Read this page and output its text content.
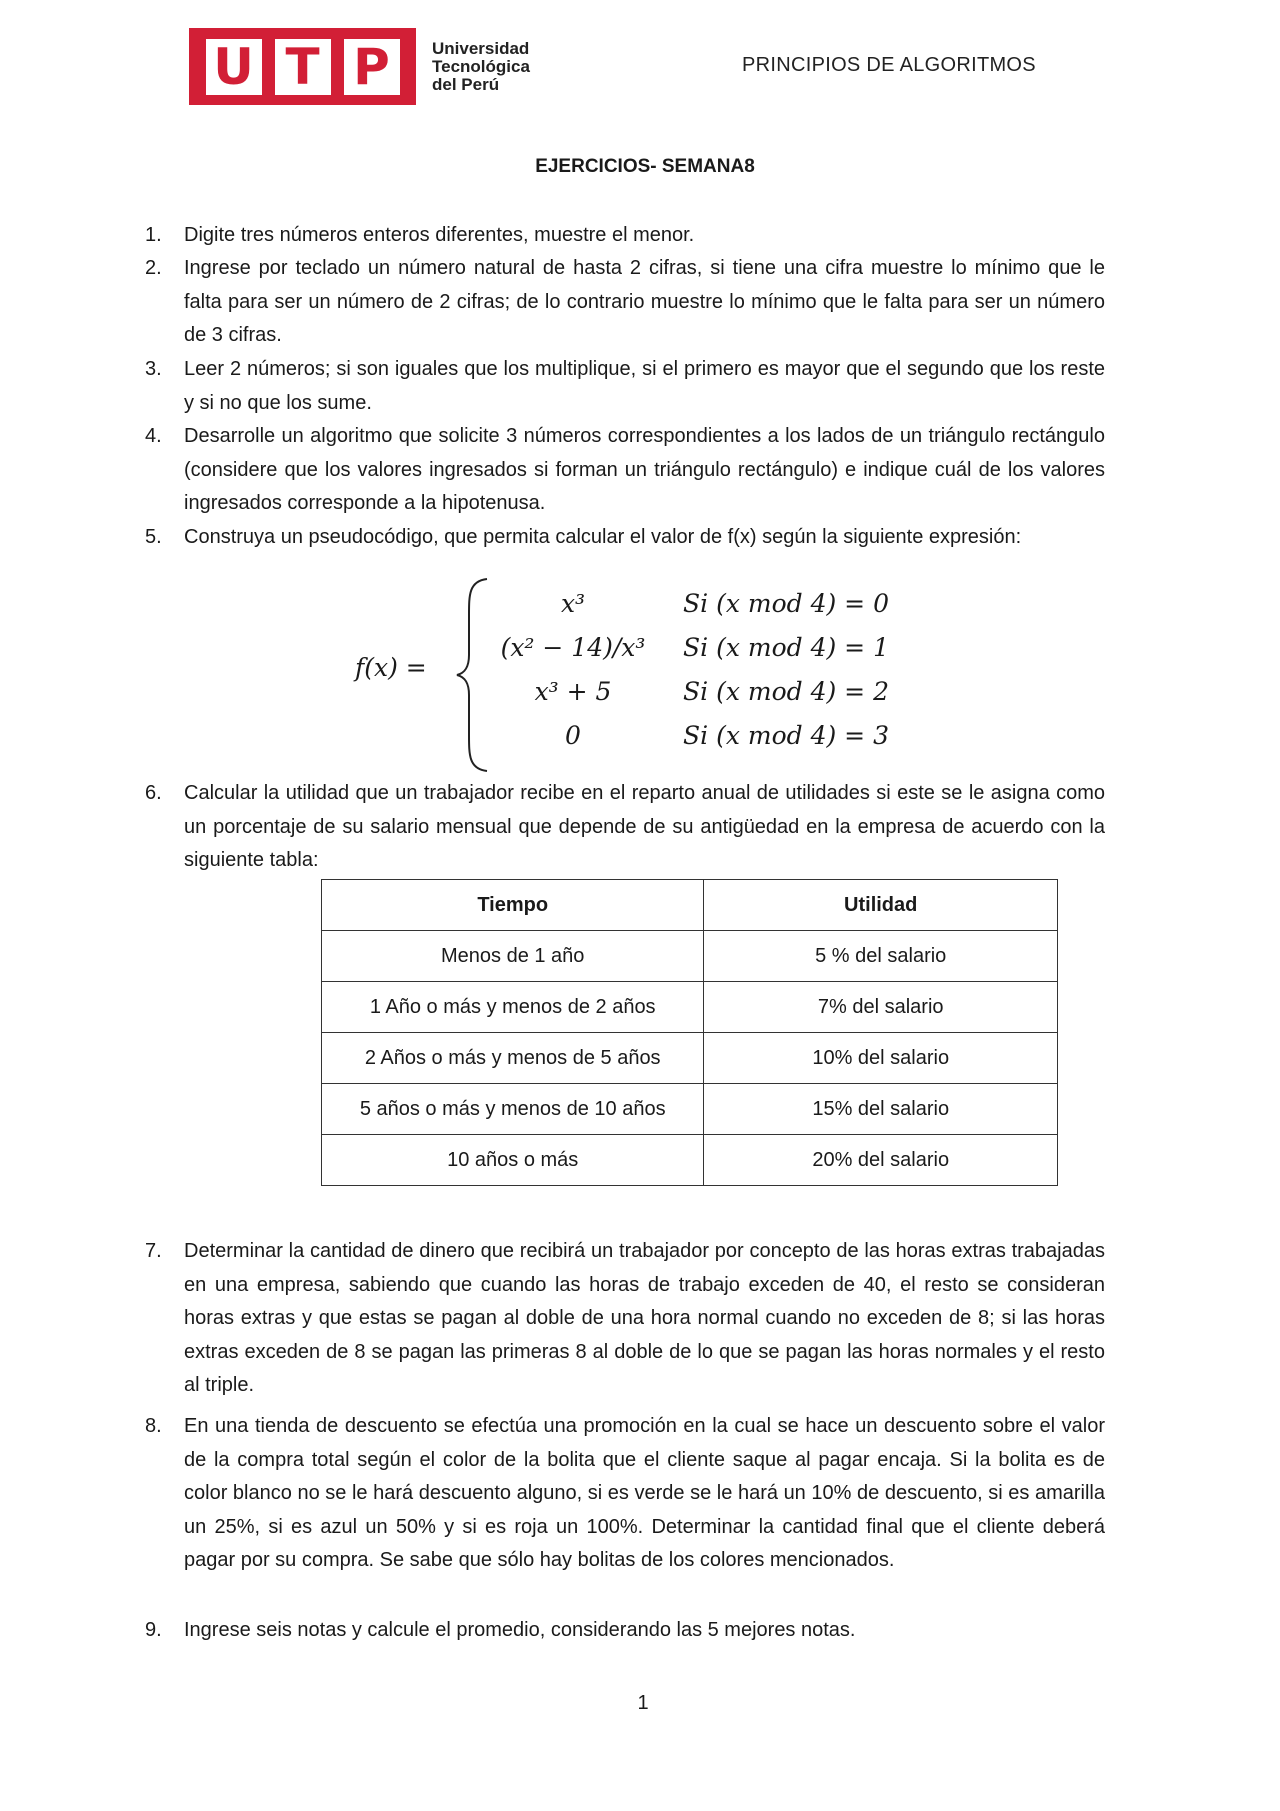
U T P	Universidad
Tecnológica
del Perú
PRINCIPIOS DE ALGORITMOS
EJERCICIOS- SEMANA8
1.	Digite tres números enteros diferentes, muestre el menor.
2.	Ingrese por teclado un número natural de hasta 2 cifras, si tiene una cifra muestre lo mínimo que le falta para ser un número de 2 cifras; de lo contrario muestre lo mínimo que le falta para ser un número de 3 cifras.
3.	Leer 2 números; si son iguales que los multiplique, si el primero es mayor que el segundo que los reste y si no que los sume.
4.	Desarrolle un algoritmo que solicite 3 números correspondientes a los lados de un triángulo rectángulo (considere que los valores ingresados si forman un triángulo rectángulo) e indique cuál de los valores ingresados corresponde a la hipotenusa.
5.	Construya un pseudocódigo, que permita calcular el valor de f(x) según la siguiente expresión:
f(x) =
x³	Si (x mod 4) = 0
(x² − 14)/x³	Si (x mod 4) = 1
x³ + 5	Si (x mod 4) = 2
0	Si (x mod 4) = 3
6.	Calcular la utilidad que un trabajador recibe en el reparto anual de utilidades si este se le asigna como un porcentaje de su salario mensual que depende de su antigüedad en la empresa de acuerdo con la siguiente tabla:
Tiempo	Utilidad
Menos de 1 año	5 % del salario
1 Año o más y menos de 2 años	7% del salario
2 Años o más y menos de 5 años	10% del salario
5 años o más y menos de 10 años	15% del salario
10 años o más	20% del salario
7.	Determinar la cantidad de dinero que recibirá un trabajador por concepto de las horas extras trabajadas en una empresa, sabiendo que cuando las horas de trabajo exceden de 40, el resto se consideran horas extras y que estas se pagan al doble de una hora normal cuando no exceden de 8; si las horas extras exceden de 8 se pagan las primeras 8 al doble de lo que se pagan las horas normales y el resto al triple.
8.	En una tienda de descuento se efectúa una promoción en la cual se hace un descuento sobre el valor de la compra total según el color de la bolita que el cliente saque al pagar encaja. Si la bolita es de color blanco no se le hará descuento alguno, si es verde se le hará un 10% de descuento, si es amarilla un 25%, si es azul un 50% y si es roja un 100%. Determinar la cantidad final que el cliente deberá pagar por su compra. Se sabe que sólo hay bolitas de los colores mencionados.
9.	Ingrese seis notas y calcule el promedio, considerando las 5 mejores notas.
1
